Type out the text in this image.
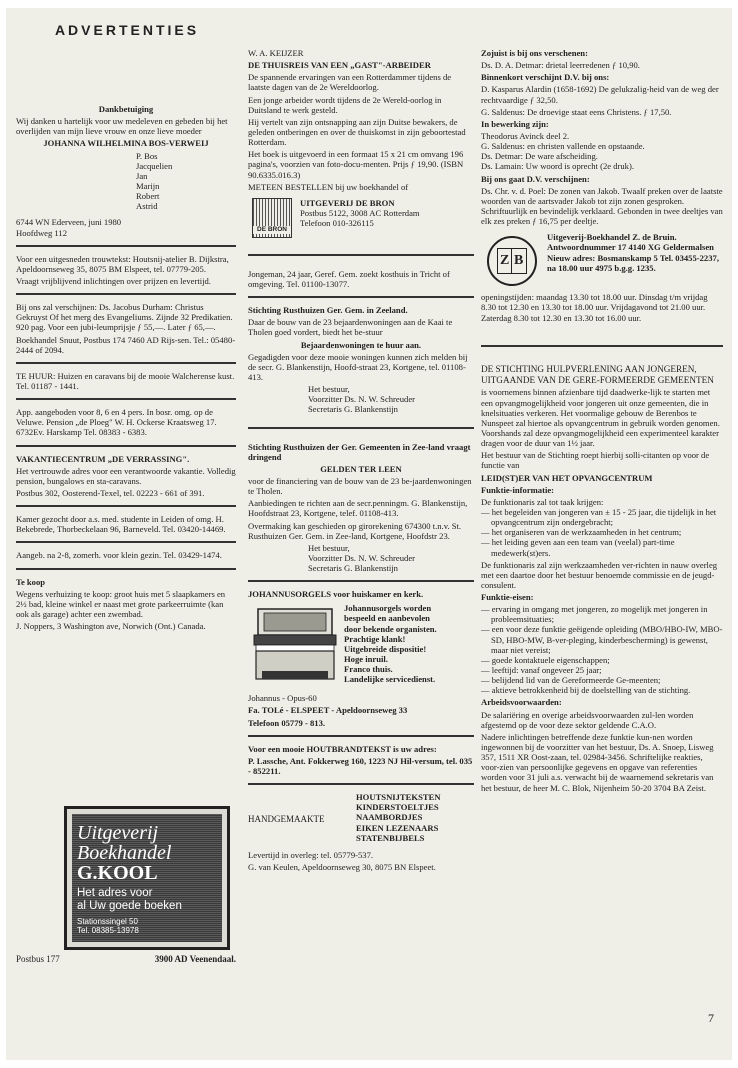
ADVERTENTIES
Dankbetuiging
Wij danken u hartelijk voor uw medeleven en gebeden bij het overlijden van mijn lieve vrouw en onze lieve moeder
JOHANNA WILHELMINA BOS-VERWEIJ
P. Bos
Jacquelien
Jan
Marijn
Robert
Astrid
6744 WN Ederveen, juni 1980
Hoofdweg 112
Voor een uitgesneden trouwtekst: Houtsnij-atelier B. Dijkstra, Apeldoornseweg 35, 8075 BM Elspeet, tel. 07779-205.
Vraagt vrijblijvend inlichtingen over prijzen en levertijd.
Bij ons zal verschijnen: Ds. Jacobus Durham: Christus Gekruyst Of het merg des Evangeliums. Zijnde 32 Predikatien. 920 pag. Voor een jubi-leumprijsje ƒ 55,—. Later ƒ 65,—.
Boekhandel Snuut, Postbus 174 7460 AD Rijs-sen. Tel.: 05480-2444 of 2094.
TE HUUR: Huizen en caravans bij de mooie Walcherense kust. Tel. 01187 - 1441.
App. aangeboden voor 8, 6 en 4 pers. In bosr. omg. op de Veluwe. Pension „de Ploeg" W. H. Ockerse Kraatsweg 17. 6732Ev. Harskamp Tel. 08383 - 6383.
VAKANTIECENTRUM „DE VERRASSING".
Het vertrouwde adres voor een verantwoorde vakantie. Volledig pension, bungalows en sta-caravans.
Postbus 302, Oosterend-Texel, tel. 02223 - 661 of 391.
Kamer gezocht door a.s. med. studente in Leiden of omg. H. Bekebrede, Thorbeckelaan 96, Barneveld. Tel. 03420-14469.
Aangeb. na 2-8, zomerh. voor klein gezin. Tel. 03429-1474.
Te koop
Wegens verhuizing te koop: groot huis met 5 slaapkamers en 2½ bad, kleine winkel er naast met grote parkeerruimte (kan ook als garage) achter een zwembad.
J. Noppers, 3 Washington ave, Norwich (Ont.) Canada.
Uitgeverij
Boekhandel
G.KOOL
Het adres voor
al Uw goede boeken
Stationssingel 50
Tel. 08385-13978
Postbus 177	3900 AD Veenendaal.
W. A. KEIJZER
DE THUISREIS VAN EEN „GAST"-ARBEIDER
De spannende ervaringen van een Rotterdammer tijdens de laatste dagen van de 2e Wereldoorlog.
Een jonge arbeider wordt tijdens de 2e Wereld-oorlog in Duitsland te werk gesteld.
Hij vertelt van zijn ontsnapping aan zijn Duitse bewakers, de geleden ontberingen en over de thuiskomst in zijn geboortestad Rotterdam.
Het boek is uitgevoerd in een formaat 15 x 21 cm omvang 196 pagina's, voorzien van foto-docu-menten. Prijs ƒ 19,90. (ISBN 90.6335.016.3)
METEEN BESTELLEN bij uw boekhandel of
DE BRON
UITGEVERIJ DE BRON
Postbus 5122, 3008 AC Rotterdam
Telefoon 010-326115
Jongeman, 24 jaar, Geref. Gem. zoekt kosthuis in Tricht of omgeving. Tel. 01100-13077.
Stichting Rusthuizen Ger. Gem. in Zeeland.
Daar de bouw van de 23 bejaardenwoningen aan de Kaai te Tholen goed vordert, biedt het be-stuur
Bejaardenwoningen te huur aan.
Gegadigden voor deze mooie woningen kunnen zich melden bij de secr. G. Blankenstijn, Hoofd-straat 23, Kortgene, tel. 01108-413.
Het bestuur,
Voorzitter Ds. N. W. Schreuder
Secretaris G. Blankenstijn
Stichting Rusthuizen der Ger. Gemeenten in Zee-land vraagt dringend
GELDEN TER LEEN
voor de financiering van de bouw van de 23 be-jaardenwoningen te Tholen.
Aanbiedingen te richten aan de secr.penningm. G. Blankenstijn, Hoofdstraat 23, Kortgene, telef. 01108-413.
Overmaking kan geschieden op girorekening 674300 t.n.v. St. Rusthuizen Ger. Gem. in Zee-land, Kortgene, Hoofdstr 23.
Het bestuur,
Voorzitter Ds. N. W. Schreuder
Secretaris G. Blankenstijn
JOHANNUSORGELS voor huiskamer en kerk.
Johannusorgels worden
bespeeld en aanbevolen
door bekende organisten.
Prachtige klank!
Uitgebreide dispositie!
Hoge inruil.
Franco thuis.
Landelijke servicedienst.
Johannus - Opus-60
Fa. TOLé - ELSPEET - Apeldoornseweg 33
Telefoon 05779 - 813.
Voor een mooie HOUTBRANDTEKST is uw adres:
P. Lassche, Ant. Fokkerweg 160, 1223 NJ Hil-versum, tel. 035 - 852211.
HANDGEMAAKTE
HOUTSNIJTEKSTEN
KINDERSTOELTJES
NAAMBORDJES
EIKEN LEZENAARS
STATENBIJBELS
Levertijd in overleg: tel. 05779-537.
G. van Keulen, Apeldoornseweg 30, 8075 BN Elspeet.
Zojuist is bij ons verschenen:
Ds. D. A. Detmar: drietal leerredenen ƒ 10,90.
Binnenkort verschijnt D.V. bij ons:
D. Kasparus Alardin (1658-1692) De gelukzalig-heid van de weg der rechtvaardige ƒ 32,50.
G. Saldenus: De droevige staat eens Christens. ƒ 17,50.
In bewerking zijn:
Theodorus Avinck deel 2.
G. Saldenus: en christen vallende en opstaande.
Ds. Detmar: De ware afscheiding.
Ds. Lamain: Uw woord is oprecht (2e druk).
Bij ons gaat D.V. verschijnen:
Ds. Chr. v. d. Poel: De zonen van Jakob. Twaalf preken over de laatste woorden van de aartsvader Jakob tot zijn zonen gesproken. Schriftuurlijk en bevindelijk verklaard. Gebonden in twee deeltjes van elk zes preken ƒ 16,75 per deeltje.
Z B
Uitgeverij-Boekhandel Z. de Bruin. Antwoordnummer 17 4140 XG Geldermalsen Nieuw adres: Bosmanskamp 5 Tel. 03455-2237, na 18.00 uur 4975 b.g.g. 1235.
openingstijden: maandag 13.30 tot 18.00 uur. Dinsdag t/m vrijdag 8.30 tot 12.30 en 13.30 tot 18.00 uur. Vrijdagavond tot 21.00 uur. Zaterdag 8.30 tot 12.30 en 13.30 tot 16.00 uur.
DE STICHTING HULPVERLENING AAN JONGEREN, UITGAANDE VAN DE GERE-FORMEERDE GEMEENTEN
is voornemens binnen afzienbare tijd daadwerke-lijk te starten met een opvangmogelijkheid voor jongeren uit onze gemeenten, die in knelsituaties verkeren. Het voormalige gebouw de Berenbos te Nunspeet zal hiertoe als opvangcentrum in gebruik worden genomen. Voorshands zal deze opvangmogelijkheid een experimenteel karakter dragen voor de duur van 1½ jaar.
Het bestuur van de Stichting roept hierbij solli-citanten op voor de functie van
LEID(ST)ER VAN HET OPVANGCENTRUM
Funktie-informatie:
De funktionaris zal tot taak krijgen:
— het begeleiden van jongeren van ± 15 - 25 jaar, die tijdelijk in het opvangcentrum zijn ondergebracht;
— het organiseren van de werkzaamheden in het centrum;
— het leiding geven aan een team van (veelal) part-time medewerk(st)ers.
De funktionaris zal zijn werkzaamheden ver-richten in nauw overleg met een daartoe door het bestuur benoemde commissie en de jeugd-consulent.
Funktie-eisen:
— ervaring in omgang met jongeren, zo mogelijk met jongeren in probleemsituaties;
— een voor deze funktie geëigende opleiding (MBO/HBO-IW, MBO-SD, HBO-MW, B-ver-pleging, kinderbescherming) is gewenst, maar niet vereist;
— goede kontaktuele eigenschappen;
— leeftijd: vanaf ongeveer 25 jaar;
— belijdend lid van de Gereformeerde Ge-meenten;
— aktieve betrokkenheid bij de doelstelling van de stichting.
Arbeidsvoorwaarden:
De salariëring en overige arbeidsvoorwaarden zul-len worden afgestemd op de voor deze sektor geldende C.A.O.
Nadere inlichtingen betreffende deze funktie kun-nen worden ingewonnen bij de voorzitter van het bestuur, Ds. A. Snoep, Lisweg 357, 1511 XR Oost-zaan, tel. 02984-3456. Schriftelijke reakties, voor-zien van persoonlijke gegevens en opgave van referenties worden voor 31 juli a.s. verwacht bij de waarnemend sekretaris van het bestuur, de heer M. C. Blok, Nijenheim 50-20 3704 BA Zeist.
7
